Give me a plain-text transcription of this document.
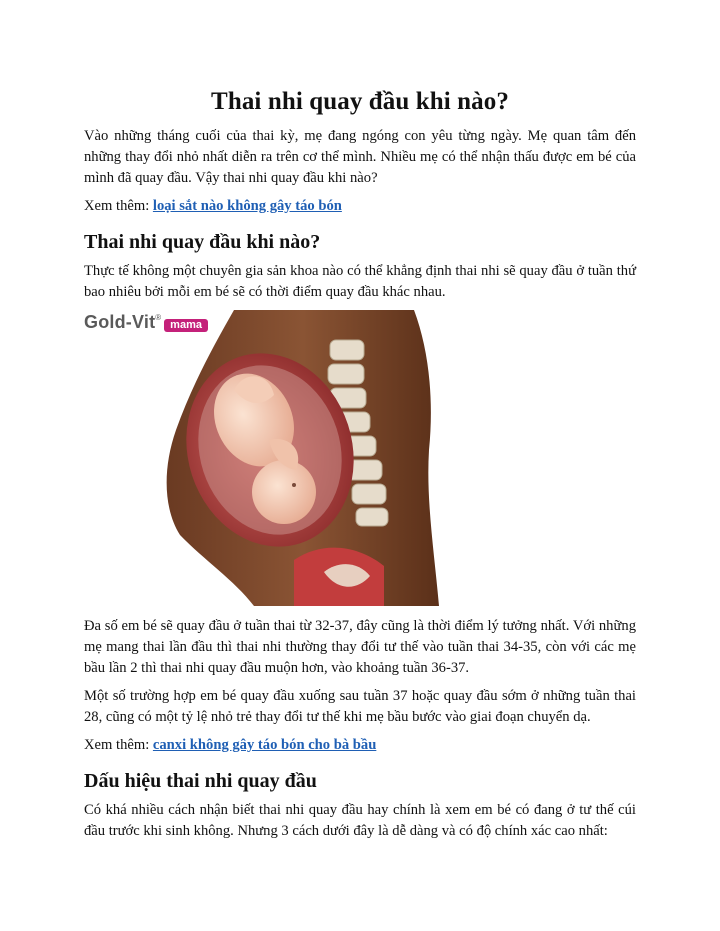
Thai nhi quay đầu khi nào?

Vào những tháng cuối của thai kỳ, mẹ đang ngóng con yêu từng ngày. Mẹ quan tâm đến những thay đổi nhỏ nhất diễn ra trên cơ thể mình. Nhiều mẹ có thể nhận thấu được em bé của mình đã quay đầu. Vậy thai nhi quay đầu khi nào?

Xem thêm: loại sắt nào không gây táo bón
Thai nhi quay đầu khi nào?

Thực tế không một chuyên gia sản khoa nào có thể khẳng định thai nhi sẽ quay đầu ở tuần thứ bao nhiêu bởi mỗi em bé sẽ có thời điểm quay đầu khác nhau.

Gold-Vit ®
mama

Đa số em bé sẽ quay đầu ở tuần thai từ 32-37, đây cũng là thời điểm lý tưởng nhất. Với những mẹ mang thai lần đầu thì thai nhi thường thay đổi tư thế vào tuần thai 34-35, còn với các mẹ bầu lần 2 thì thai nhi quay đầu muộn hơn, vào khoảng tuần 36-37.

Một số trường hợp em bé quay đầu xuống sau tuần 37 hoặc quay đầu sớm ở những tuần thai 28, cũng có một tỷ lệ nhỏ trẻ thay đổi tư thế khi mẹ bầu bước vào giai đoạn chuyển dạ.

Xem thêm: canxi không gây táo bón cho bà bầu
Dấu hiệu thai nhi quay đầu

Có khá nhiều cách nhận biết thai nhi quay đầu hay chính là xem em bé có đang ở tư thế cúi đầu trước khi sinh không. Nhưng 3 cách dưới đây là dễ dàng và có độ chính xác cao nhất:
